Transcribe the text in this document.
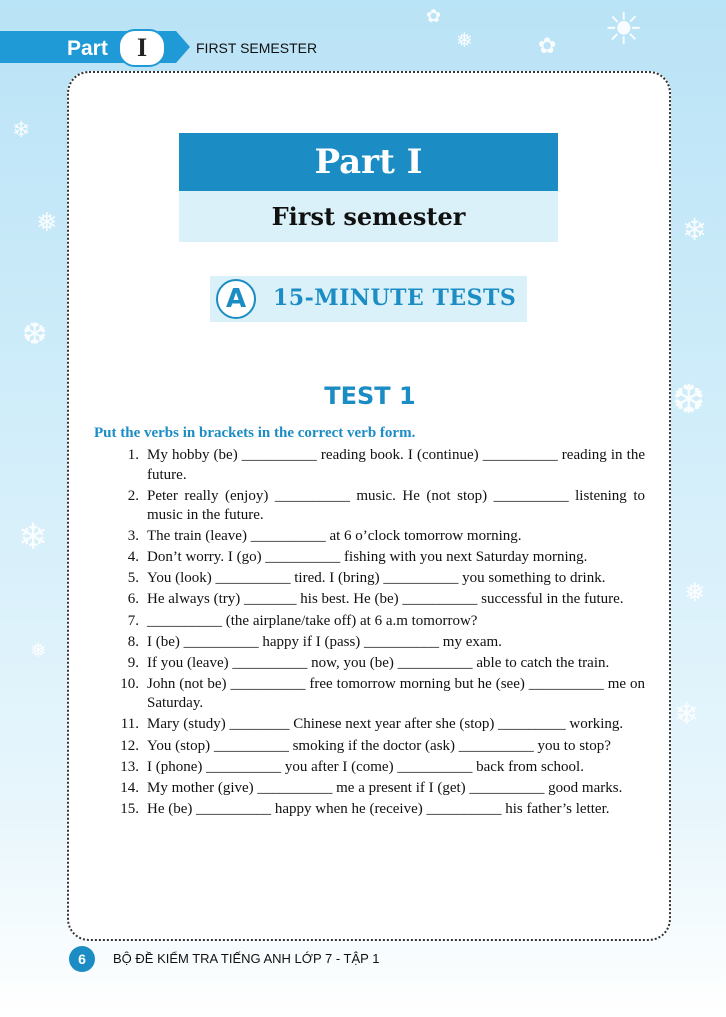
☀
❄
❅
❆
❄
❅
❄
❆
❅
❄
❅	✿
✿
Part	I	FIRST SEMESTER
Part I
First semester
A	15-MINUTE TESTS
TEST 1
Put the verbs in brackets in the correct verb form.
1. My hobby (be) __________ reading book. I (continue) __________ reading in the future.
2. Peter really (enjoy) __________ music. He (not stop) __________ listening to music in the future.
3. The train (leave) __________ at 6 o’clock tomorrow morning.
4. Don’t worry. I (go) __________ fishing with you next Saturday morning.
5. You (look) __________ tired. I (bring) __________ you something to drink.
6. He always (try) _______ his best. He (be) __________ successful in the future.
7. __________ (the airplane/take off) at 6 a.m tomorrow?
8. I (be) __________ happy if I (pass) __________ my exam.
9. If you (leave) __________ now, you (be) __________ able to catch the train.
10. John (not be) __________ free tomorrow morning but he (see) __________ me on Saturday.
11. Mary (study) ________ Chinese next year after she (stop) _________ working.
12. You (stop) __________ smoking if the doctor (ask) __________ you to stop?
13. I (phone) __________ you after I (come) __________ back from school.
14. My mother (give) __________ me a present if I (get) __________ good marks.
15. He (be) __________ happy when he (receive) __________ his father’s letter.
6	BỘ ĐỀ KIỂM TRA TIẾNG ANH LỚP 7 - TẬP 1
